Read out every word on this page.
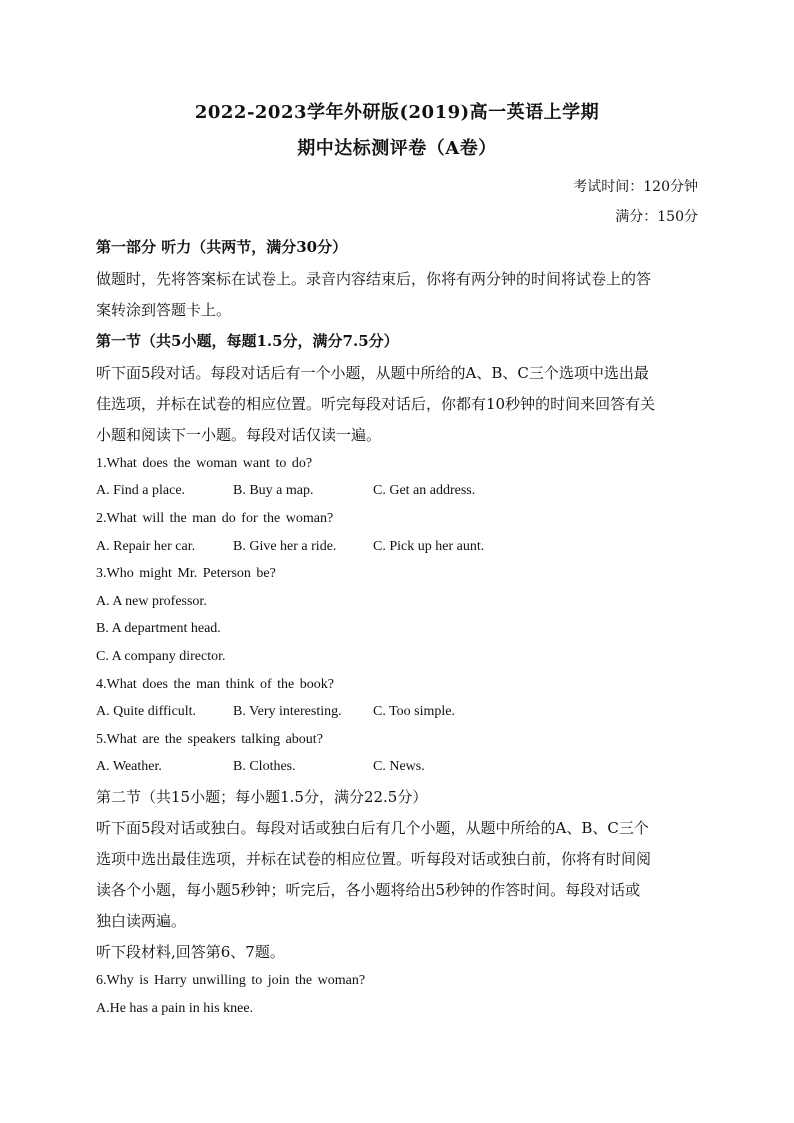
2022-2023学年外研版(2019)高一英语上学期
期中达标测评卷（A卷）
考试时间：120分钟
满分：150分
第一部分 听力（共两节，满分30分）
做题时，先将答案标在试卷上。录音内容结束后，你将有两分钟的时间将试卷上的答
案转涂到答题卡上。
第一节（共5小题，每题1.5分，满分7.5分）
听下面5段对话。每段对话后有一个小题，从题中所给的A、B、C三个选项中选出最
佳选项，并标在试卷的相应位置。听完每段对话后，你都有10秒钟的时间来回答有关
小题和阅读下一小题。每段对话仅读一遍。
1.What does the woman want to do?
A. Find a place.	B. Buy a map.	C. Get an address.
2.What will the man do for the woman?
A. Repair her car.	B. Give her a ride.	C. Pick up her aunt.
3.Who might Mr. Peterson be?
A. A new professor.
B. A department head.
C. A company director.
4.What does the man think of the book?
A. Quite difficult.	B. Very interesting. C. Too simple.
5.What are the speakers talking about?
A. Weather.	B. Clothes.	C. News.
第二节（共15小题；每小题1.5分，满分22.5分）
听下面5段对话或独白。每段对话或独白后有几个小题，从题中所给的A、B、C三个
选项中选出最佳选项，并标在试卷的相应位置。听每段对话或独白前，你将有时间阅
读各个小题，每小题5秒钟；听完后，各小题将给出5秒钟的作答时间。每段对话或
独白读两遍。
听下段材料,回答第6、7题。
6.Why is Harry unwilling to join the woman?
A.He has a pain in his knee.
